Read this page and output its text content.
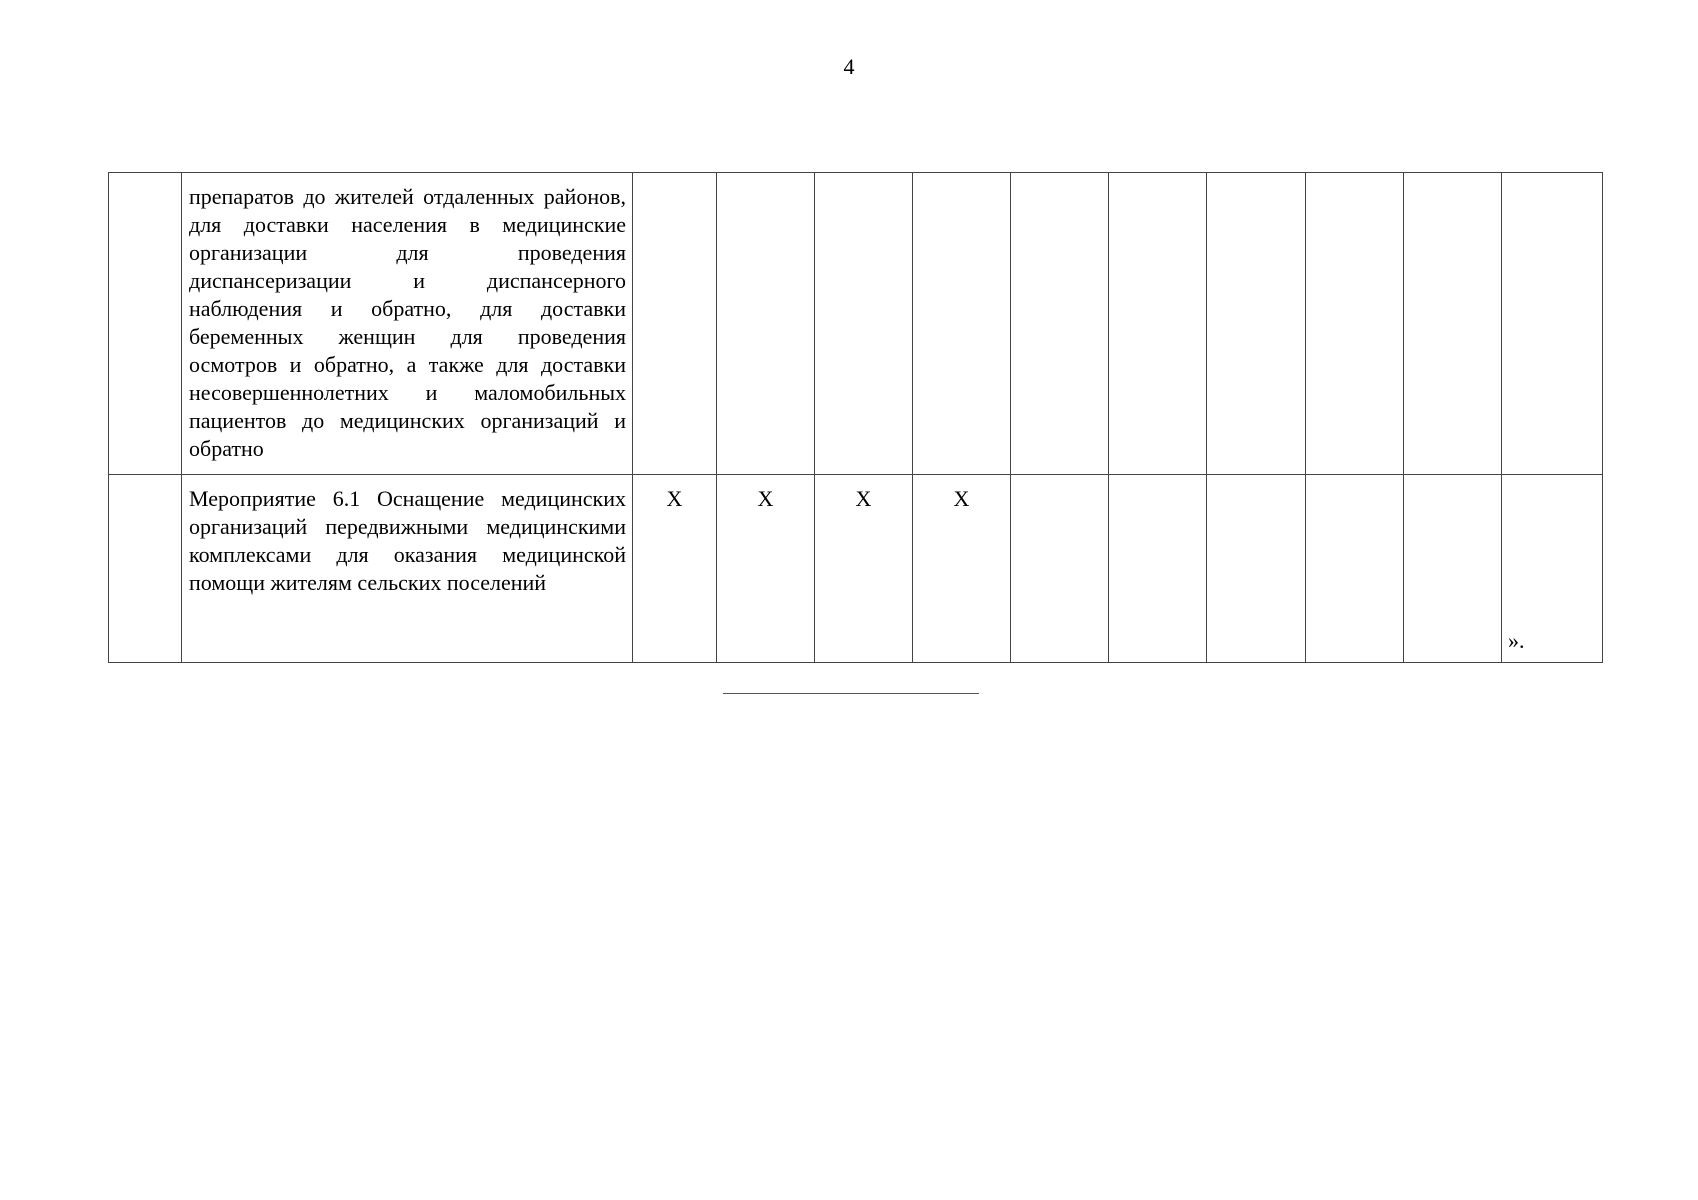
4
	препаратов до жителей отдаленных районов, для доставки населения в медицинские организации для проведения диспансеризации и диспансерного наблюдения и обратно, для доставки беременных женщин для проведения осмотров и обратно, а также для доставки несовершеннолетних и маломобильных пациентов до медицинских организаций и обратно										
	Мероприятие 6.1 Оснащение медицинских организаций передвижными медицинскими комплексами для оказания медицинской помощи жителям сельских поселений	Х	Х	Х	Х						».
